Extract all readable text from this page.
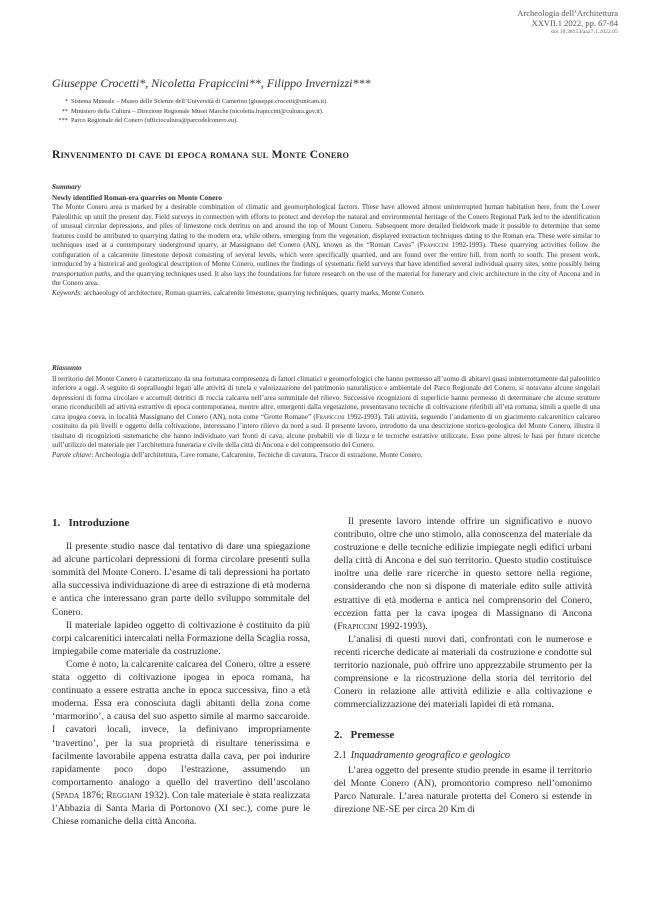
Archeologia dell’Architettura
XXVII.1 2022, pp. 67-84
doi 10.36153/aa27.1.2022.05
Giuseppe Crocetti*, Nicoletta Frapiccini**, Filippo Invernizzi***
* Sistema Museale – Museo delle Scienze dell’Università di Camerino (giuseppe.crocetti@unicam.it).
** Ministero della Cultura – Direzione Regionale Musei Marche (nicoletta.frapiccini@cultura.gov.it).
*** Parco Regionale del Conero (ufficiocultura@parcodelconero.eu).
Rinvenimento di cave di epoca romana sul Monte Conero
Summary
Newly identified Roman-era quarries on Monte Conero
The Monte Conero area is marked by a desirable combination of climatic and geomorphological factors. These have allowed almost uninterrupted human habitation here, from the Lower Paleolithic up until the present day. Field surveys in connection with efforts to protect and develop the natural and environmental heritage of the Conero Regional Park led to the identification of unusual circular depressions, and piles of limestone rock detritus on and around the top of Mount Conero. Subsequent more detailed fieldwork made it possible to determine that some features could be attributed to quarrying dating to the modern era, while others, emerging from the vegetation, displayed extraction techniques dating to the Roman era. These were similar to techniques used at a contemporary underground quarry, at Massignano del Conero (AN), known as the “Roman Caves” (Frapiccini 1992-1993). These quarrying activities follow the configuration of a calcarenite limestone deposit consisting of several levels, which were specifically quarried, and are found over the entire hill, from north to south. The present work, introduced by a historical and geological description of Monte Conero, outlines the findings of systematic field surveys that have identified several individual quarry sites, some possibly being transportation paths, and the quarrying techniques used. It also lays the foundations for future research on the use of the material for funerary and civic architecture in the city of Ancona and in the Conero area.
Keywords: archaeology of architecture, Roman quarries, calcarenite limestone, quarrying techniques, quarry marks, Monte Conero.
Riassunto
Il territorio del Monte Conero è caratterizzato da una fortunata compresenza di fattori climatici e geomorfologici che hanno permesso all’uomo di abitarvi quasi ininterrottamente dal paleolitico inferiore a oggi. A seguito di sopralluoghi legati alle attività di tutela e valorizzazione del patrimonio naturalistico e ambientale del Parco Regionale del Conero, si notavano alcune singolari depressioni di forma circolare e accumuli detritici di roccia calcarea nell’area sommitale del rilievo. Successive ricognizioni di superficie hanno permesso di determinare che alcune strutture erano riconducibili ad attività estrattive di epoca contemporanea, mentre altre, emergenti dalla vegetazione, presentavano tecniche di coltivazione riferibili all’età romana, simili a quelle di una cava ipogea coeva, in località Massignano del Conero (AN), nota come “Grotte Romane” (Frapiccini 1992-1993). Tali attività, seguendo l’andamento di un giacimento calcarenitico calcareo costituito da più livelli e oggetto della coltivazione, interessano l’intero rilievo da nord a sud. Il presente lavoro, introdotto da una descrizione storico-geologica del Monte Conero, illustra il risultato di ricognizioni sistematiche che hanno individuato vari fronti di cava, alcune probabili vie di lizza e le tecniche estrattive utilizzate. Esso pone altresì le basi per future ricerche sull’utilizzo del materiale per l’architettura funeraria e civile della città di Ancona e del comprensorio del Conero.
Parole chiave: Archeologia dell’architettura, Cave romane, Calcarenite, Tecniche di cavatura, Tracce di estrazione, Monte Conero.
1. Introduzione

Il presente studio nasce dal tentativo di dare una spiegazione ad alcune particolari depressioni di forma circolare presenti sulla sommità del Monte Conero. L’esame di tali depressioni ha portato alla successiva individuazione di aree di estrazione di età moderna e antica che interessano gran parte dello sviluppo sommitale del Conero.

Il materiale lapideo oggetto di coltivazione è costituito da più corpi calcarenitici intercalati nella Formazione della Scaglia rossa, impiegabile come materiale da costruzione.

Come è noto, la calcarenite calcarea del Conero, oltre a essere stata oggetto di coltivazione ipogea in epoca romana, ha continuato a essere estratta anche in epoca successiva, fino a età moderna. Essa era conosciuta dagli abitanti della zona come ‘marmorino’, a causa del suo aspetto simile al marmo saccaroide. I cavatori locali, invece, la definivano impropriamente ‘travertino’, per la sua proprietà di risultare tenerissima e facilmente lavorabile appena estratta dalla cava, per poi indurire rapidamente poco dopo l’estrazione, assumendo un comportamento analogo a quello del travertino dell’ascolano (Spada 1876; Reggiani 1932). Con tale materiale è stata realizzata l’Abbazia di Santa Maria di Portonovo (XI sec.), come pure le Chiese romaniche della città Ancona.

Il presente lavoro intende offrire un significativo e nuovo contributo, oltre che uno stimolo, alla conoscenza del materiale da costruzione e delle tecniche edilizie impiegate negli edifici urbani della città di Ancona e del suo territorio. Questo studio costituisce inoltre una delle rare ricerche in questo settore nella regione, considerando che non si dispone di materiale edito sulle attività estrattive di età moderna e antica nel comprensorio del Conero, eccezion fatta per la cava ipogea di Massignano di Ancona (Frapiccini 1992-1993).

L’analisi di questi nuovi dati, confrontati con le numerose e recenti ricerche dedicate ai materiali da costruzione e condotte sul territorio nazionale, può offrire uno apprezzabile strumento per la comprensione e la ricostruzione della storia del territorio del Conero in relazione alle attività edilizie e alla coltivazione e commercializzazione dei materiali lapidei di età romana.

2. Premesse
2.1 Inquadramento geografico e geologico

L’area oggetto del presente studio prende in esame il territorio del Monte Conero (AN), promontorio compreso nell’omonimo Parco Naturale. L’area naturale protetta del Conero si estende in direzione NE-SE per circa 20 Km di
